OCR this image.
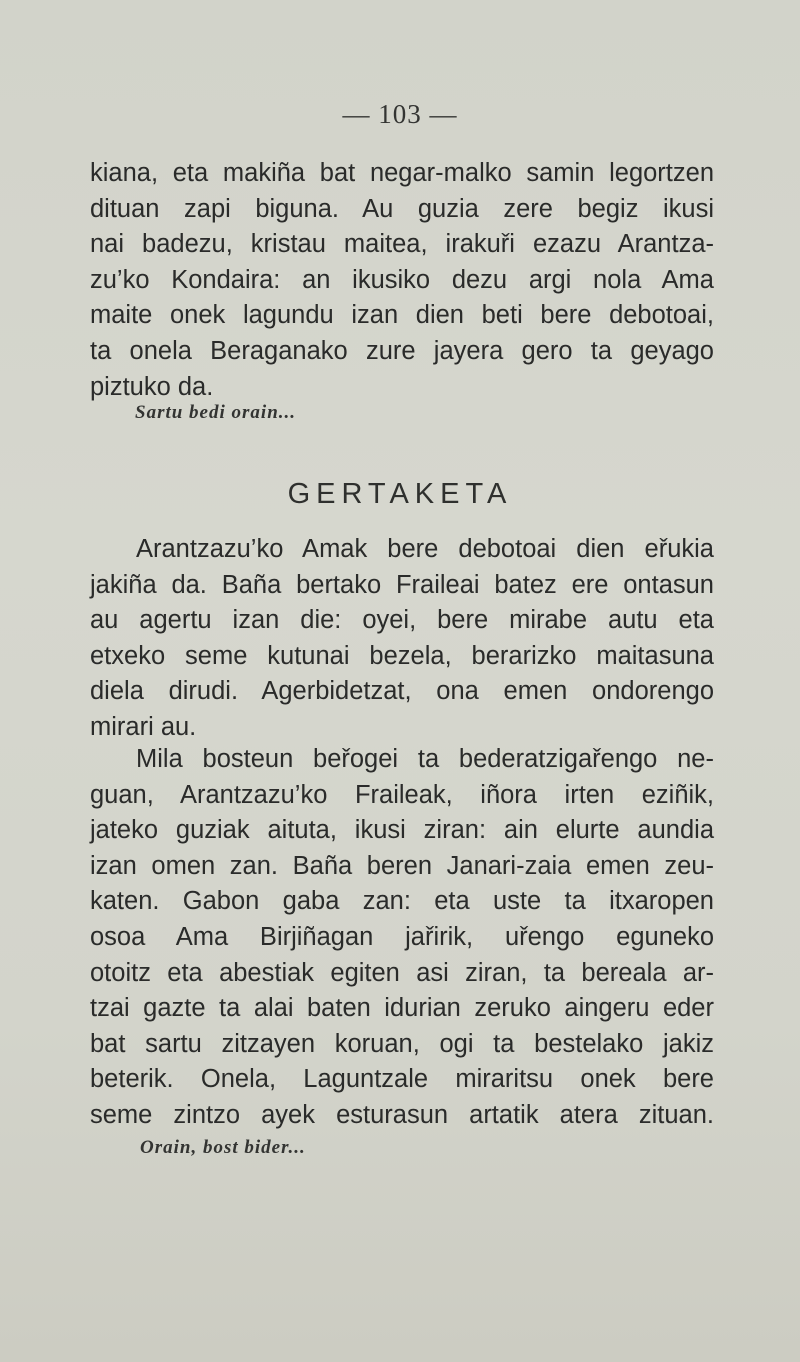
— 103 —
kiana, eta makiña bat negar-malko samin legortzen
dituan zapi biguna. Au guzia zere begiz ikusi
nai badezu, kristau maitea, irakuři ezazu Arantza-
zu’ko Kondaira: an ikusiko dezu argi nola Ama
maite onek lagundu izan dien beti bere debotoai,
ta onela Beraganako zure jayera gero ta geyago
piztuko da.
Sartu bedi orain...
GERTAKETA
Arantzazu’ko Amak bere debotoai dien eřukia
jakiña da. Baña bertako Fraileai batez ere ontasun
au agertu izan die: oyei, bere mirabe autu eta
etxeko seme kutunai bezela, berarizko maitasuna
diela dirudi. Agerbidetzat, ona emen ondorengo
mirari au.
Mila bosteun beřogei ta bederatzigařengo ne-
guan, Arantzazu’ko Fraileak, iñora irten eziñik,
jateko guziak aituta, ikusi ziran: ain elurte aundia
izan omen zan. Baña beren Janari-zaia emen zeu-
katen. Gabon gaba zan: eta uste ta itxaropen
osoa Ama Birjiñagan jařirik, uřengo eguneko
otoitz eta abestiak egiten asi ziran, ta bereala ar-
tzai gazte ta alai baten idurian zeruko aingeru eder
bat sartu zitzayen koruan, ogi ta bestelako jakiz
beterik. Onela, Laguntzale miraritsu onek bere
seme zintzo ayek esturasun artatik atera zituan.
Orain, bost bider...
